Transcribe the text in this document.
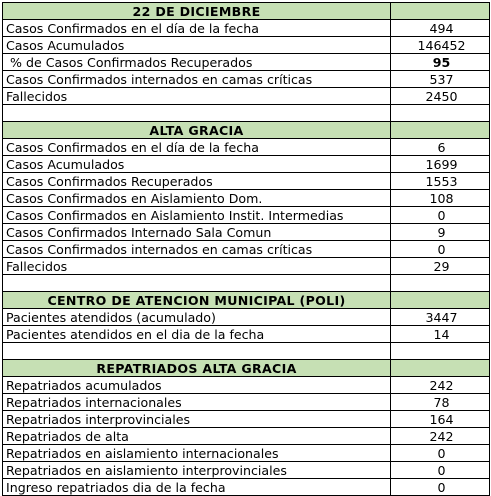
22 DE DICIEMBRE	
Casos Confirmados en el día de la fecha	494
Casos Acumulados	146452
% de Casos Confirmados Recuperados	95
Casos Confirmados internados en camas críticas	537
Fallecidos	2450

ALTA GRACIA	
Casos Confirmados en el día de la fecha	6
Casos Acumulados	1699
Casos Confirmados Recuperados	1553
Casos Confirmados en Aislamiento Dom.	108
Casos Confirmados en Aislamiento Instit. Intermedias	0
Casos Confirmados Internado Sala Comun	9
Casos Confirmados internados en camas críticas	0
Fallecidos	29

CENTRO DE ATENCION MUNICIPAL (POLI)	
Pacientes atendidos (acumulado)	3447
Pacientes atendidos en el dia de la fecha	14

REPATRIADOS ALTA GRACIA	
Repatriados acumulados	242
Repatriados internacionales	78
Repatriados interprovinciales	164
Repatriados de alta	242
Repatriados en aislamiento internacionales	0
Repatriados en aislamiento interprovinciales	0
Ingreso repatriados dia de la fecha	0
